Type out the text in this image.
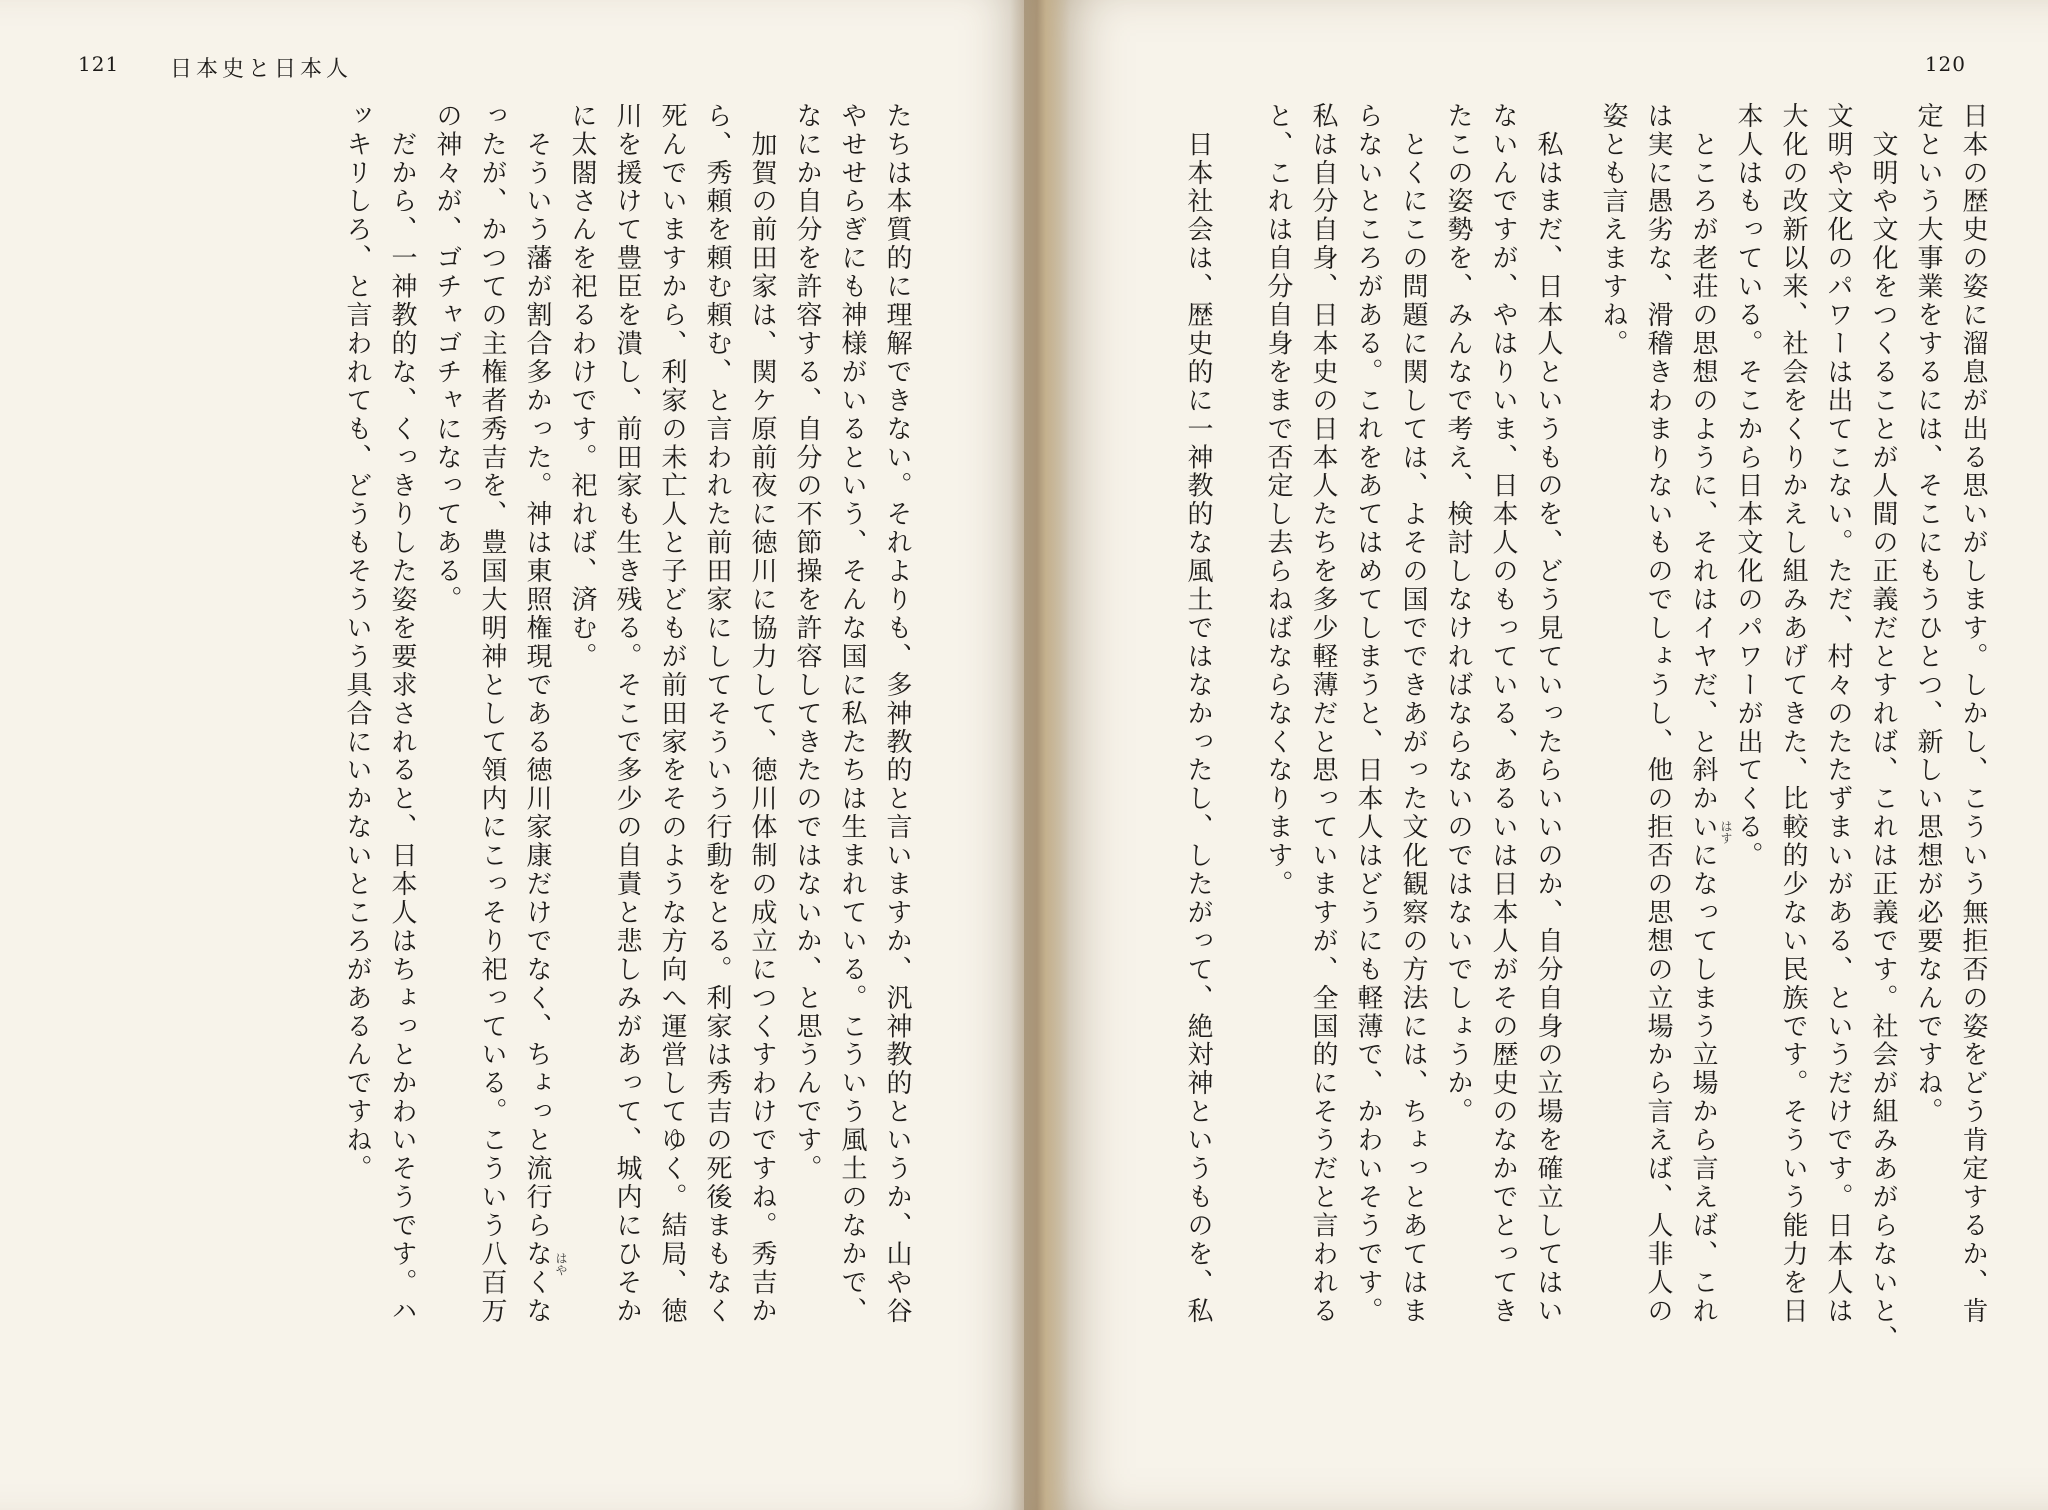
121 日本史と日本人	120
たちは本質的に理解できない。それよりも、多神教的と言いますか、汎神教的というか、山や谷
やせせらぎにも神様がいるという、そんな国に私たちは生まれている。こういう風土のなかで、
なにか自分を許容する、自分の不節操を許容してきたのではないか、と思うんです。
　加賀の前田家は、関ケ原前夜に徳川に協力して、徳川体制の成立につくすわけですね。秀吉か
ら、秀頼を頼む頼む、と言われた前田家にしてそういう行動をとる。利家は秀吉の死後まもなく
死んでいますから、利家の未亡人と子どもが前田家をそのような方向へ運営してゆく。結局、徳
川を援けて豊臣を潰し、前田家も生き残る。そこで多少の自責と悲しみがあって、城内にひそか
に太閤さんを祀るわけです。祀れば、済む。
　そういう藩が割合多かった。神は東照権現である徳川家康だけでなく、ちょっと流行らなくな
ったが、かつての主権者秀吉を、豊国大明神として領内にこっそり祀っている。こういう八百万
の神々が、ゴチャゴチャになってある。
　だから、一神教的な、くっきりした姿を要求されると、日本人はちょっとかわいそうです。ハ
ッキリしろ、と言われても、どうもそういう具合にいかないところがあるんですね。	日本の歴史の姿に溜息が出る思いがします。しかし、こういう無拒否の姿をどう肯定するか、肯
定という大事業をするには、そこにもうひとつ、新しい思想が必要なんですね。
　文明や文化をつくることが人間の正義だとすれば、これは正義です。社会が組みあがらないと、
文明や文化のパワーは出てこない。ただ、村々のたたずまいがある、というだけです。日本人は
大化の改新以来、社会をくりかえし組みあげてきた、比較的少ない民族です。そういう能力を日
本人はもっている。そこから日本文化のパワーが出てくる。
　ところが老荘の思想のように、それはイヤだ、と斜かいになってしまう立場から言えば、これ
は実に愚劣な、滑稽きわまりないものでしょうし、他の拒否の思想の立場から言えば、人非人の
姿とも言えますね。
　私はまだ、日本人というものを、どう見ていったらいいのか、自分自身の立場を確立してはい
ないんですが、やはりいま、日本人のもっている、あるいは日本人がその歴史のなかでとってき
たこの姿勢を、みんなで考え、検討しなければならないのではないでしょうか。
　とくにこの問題に関しては、よその国でできあがった文化観察の方法には、ちょっとあてはま
らないところがある。これをあてはめてしまうと、日本人はどうにも軽薄で、かわいそうです。
私は自分自身、日本史の日本人たちを多少軽薄だと思っていますが、全国的にそうだと言われる
と、これは自分自身をまで否定し去らねばならなくなります。
　日本社会は、歴史的に一神教的な風土ではなかったし、したがって、絶対神というものを、私	はす
はや
